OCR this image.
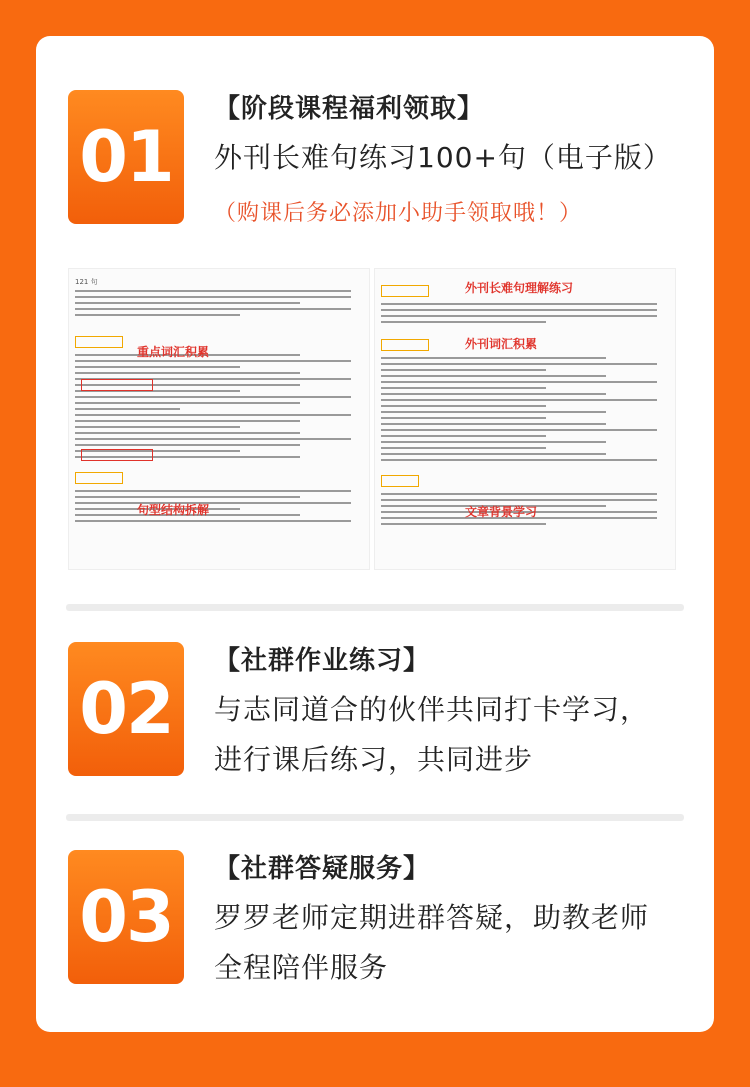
01
【阶段课程福利领取】
外刊长难句练习100+句（电子版）
（购课后务必添加小助手领取哦！）
121 句
重点词汇积累
句型结构拆解
外刊长难句理解练习
外刊词汇积累
文章背景学习
02
【社群作业练习】
与志同道合的伙伴共同打卡学习，
进行课后练习，共同进步
03
【社群答疑服务】
罗罗老师定期进群答疑，助教老师
全程陪伴服务
